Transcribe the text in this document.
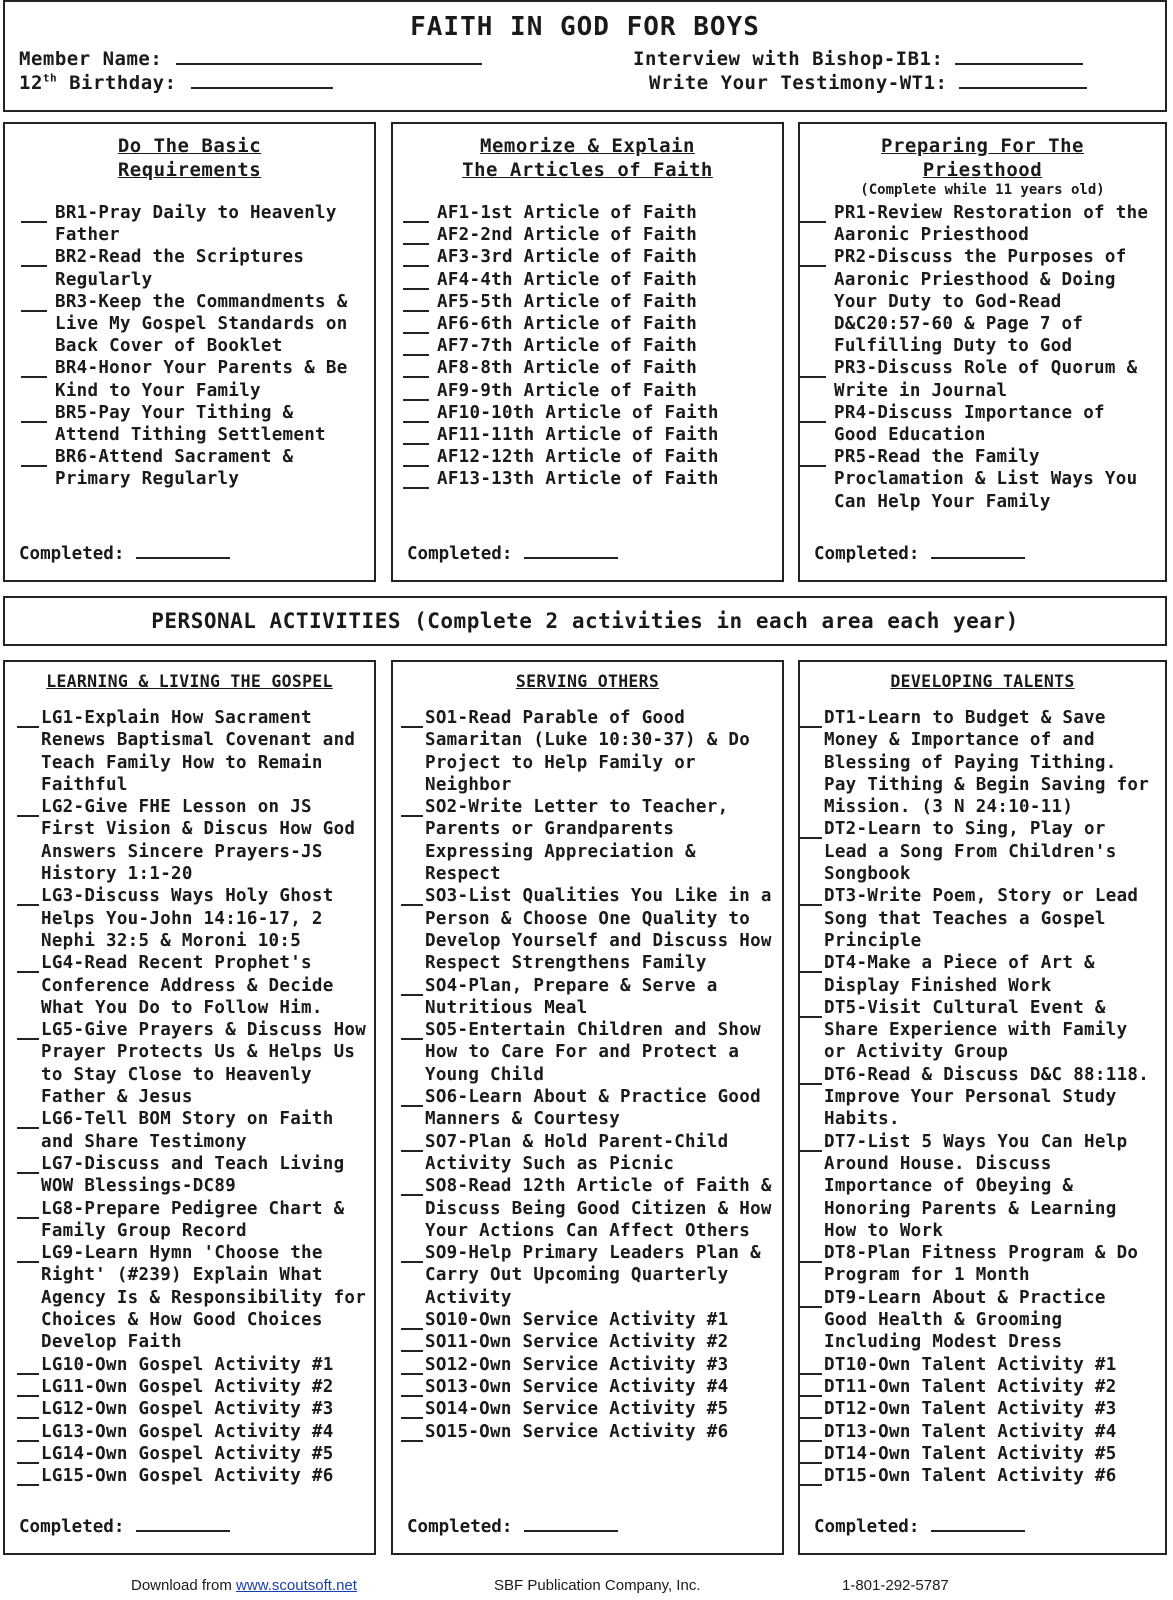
FAITH IN GOD FOR BOYS
Member Name:
12th Birthday:
Interview with Bishop-IB1:
Write Your Testimony-WT1:
Do The Basic
Requirements
BR1-Pray Daily to Heavenly Father
BR2-Read the Scriptures Regularly
BR3-Keep the Commandments & Live My Gospel Standards on Back Cover of Booklet
BR4-Honor Your Parents & Be Kind to Your Family
BR5-Pay Your Tithing & Attend Tithing Settlement
BR6-Attend Sacrament & Primary Regularly
Completed:
Memorize & Explain
The Articles of Faith
AF1-1st Article of Faith
AF2-2nd Article of Faith
AF3-3rd Article of Faith
AF4-4th Article of Faith
AF5-5th Article of Faith
AF6-6th Article of Faith
AF7-7th Article of Faith
AF8-8th Article of Faith
AF9-9th Article of Faith
AF10-10th Article of Faith
AF11-11th Article of Faith
AF12-12th Article of Faith
AF13-13th Article of Faith
Completed:
Preparing For The
Priesthood
(Complete while 11 years old)
PR1-Review Restoration of the Aaronic Priesthood
PR2-Discuss the Purposes of Aaronic Priesthood & Doing Your Duty to God-Read D&C20:57-60 & Page 7 of Fulfilling Duty to God
PR3-Discuss Role of Quorum & Write in Journal
PR4-Discuss Importance of Good Education
PR5-Read the Family Proclamation & List Ways You Can Help Your Family
Completed:
PERSONAL ACTIVITIES (Complete 2 activities in each area each year)
LEARNING & LIVING THE GOSPEL
LG1-Explain How Sacrament Renews Baptismal Covenant and Teach Family How to Remain Faithful
LG2-Give FHE Lesson on JS First Vision & Discus How God Answers Sincere Prayers-JS History 1:1-20
LG3-Discuss Ways Holy Ghost Helps You-John 14:16-17, 2 Nephi 32:5 & Moroni 10:5
LG4-Read Recent Prophet's Conference Address & Decide What You Do to Follow Him.
LG5-Give Prayers & Discuss How Prayer Protects Us & Helps Us to Stay Close to Heavenly Father & Jesus
LG6-Tell BOM Story on Faith and Share Testimony
LG7-Discuss and Teach Living WOW Blessings-DC89
LG8-Prepare Pedigree Chart & Family Group Record
LG9-Learn Hymn 'Choose the Right' (#239) Explain What Agency Is & Responsibility for Choices & How Good Choices Develop Faith
LG10-Own Gospel Activity #1
LG11-Own Gospel Activity #2
LG12-Own Gospel Activity #3
LG13-Own Gospel Activity #4
LG14-Own Gospel Activity #5
LG15-Own Gospel Activity #6
Completed:
SERVING OTHERS
SO1-Read Parable of Good Samaritan (Luke 10:30-37) & Do Project to Help Family or Neighbor
SO2-Write Letter to Teacher, Parents or Grandparents Expressing Appreciation & Respect
SO3-List Qualities You Like in a Person & Choose One Quality to Develop Yourself and Discuss How Respect Strengthens Family
SO4-Plan, Prepare & Serve a Nutritious Meal
SO5-Entertain Children and Show How to Care For and Protect a Young Child
SO6-Learn About & Practice Good Manners & Courtesy
SO7-Plan & Hold Parent-Child Activity Such as Picnic
SO8-Read 12th Article of Faith & Discuss Being Good Citizen & How Your Actions Can Affect Others
SO9-Help Primary Leaders Plan & Carry Out Upcoming Quarterly Activity
SO10-Own Service Activity #1
SO11-Own Service Activity #2
SO12-Own Service Activity #3
SO13-Own Service Activity #4
SO14-Own Service Activity #5
SO15-Own Service Activity #6
Completed:
DEVELOPING TALENTS
DT1-Learn to Budget & Save Money & Importance of and Blessing of Paying Tithing. Pay Tithing & Begin Saving for Mission. (3 N 24:10-11)
DT2-Learn to Sing, Play or Lead a Song From Children's Songbook
DT3-Write Poem, Story or Lead Song that Teaches a Gospel Principle
DT4-Make a Piece of Art & Display Finished Work
DT5-Visit Cultural Event & Share Experience with Family or Activity Group
DT6-Read & Discuss D&C 88:118. Improve Your Personal Study Habits.
DT7-List 5 Ways You Can Help Around House. Discuss Importance of Obeying & Honoring Parents & Learning How to Work
DT8-Plan Fitness Program & Do Program for 1 Month
DT9-Learn About & Practice Good Health & Grooming Including Modest Dress
DT10-Own Talent Activity #1
DT11-Own Talent Activity #2
DT12-Own Talent Activity #3
DT13-Own Talent Activity #4
DT14-Own Talent Activity #5
DT15-Own Talent Activity #6
Completed:
Download from www.scoutsoft.net	SBF Publication Company, Inc.	1-801-292-5787
